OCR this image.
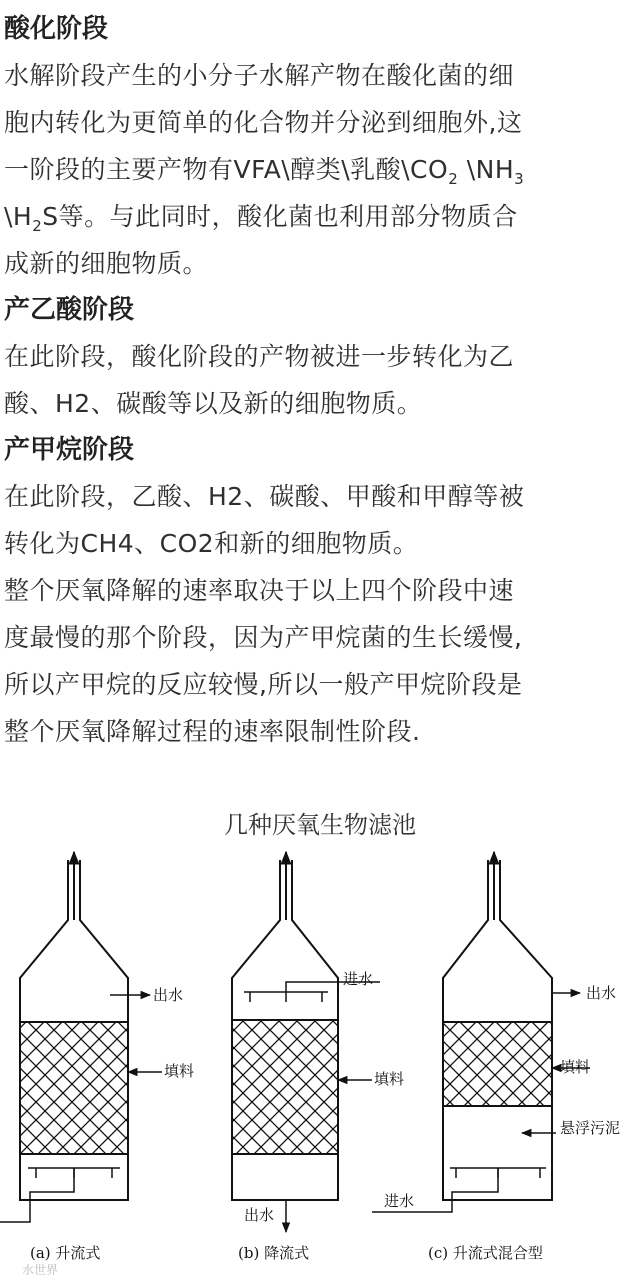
酸化阶段

水解阶段产生的小分子水解产物在酸化菌的细

胞内转化为更简单的化合物并分泌到细胞外,这

一阶段的主要产物有VFA\醇类\乳酸$\backslash CO_2$ $\backslash NH_3$

$\backslash H_2S$等。与此同时，酸化菌也利用部分物质合

成新的细胞物质。

产乙酸阶段

在此阶段，酸化阶段的产物被进一步转化为乙

酸、H2、碳酸等以及新的细胞物质。

产甲烷阶段

在此阶段，乙酸、H2、碳酸、甲酸和甲醇等被

转化为CH4、CO2和新的细胞物质。

整个厌氧降解的速率取决于以上四个阶段中速

度最慢的那个阶段，因为产甲烷菌的生长缓慢,

所以产甲烷的反应较慢,所以一般产甲烷阶段是

整个厌氧降解过程的速率限制性阶段.

几种厌氧生物滤池
出水
填料
(a) 升流式
进水
填料
出水
(b) 降流式
出水
填料
悬浮污泥
进水
(c) 升流式混合型
水世界
